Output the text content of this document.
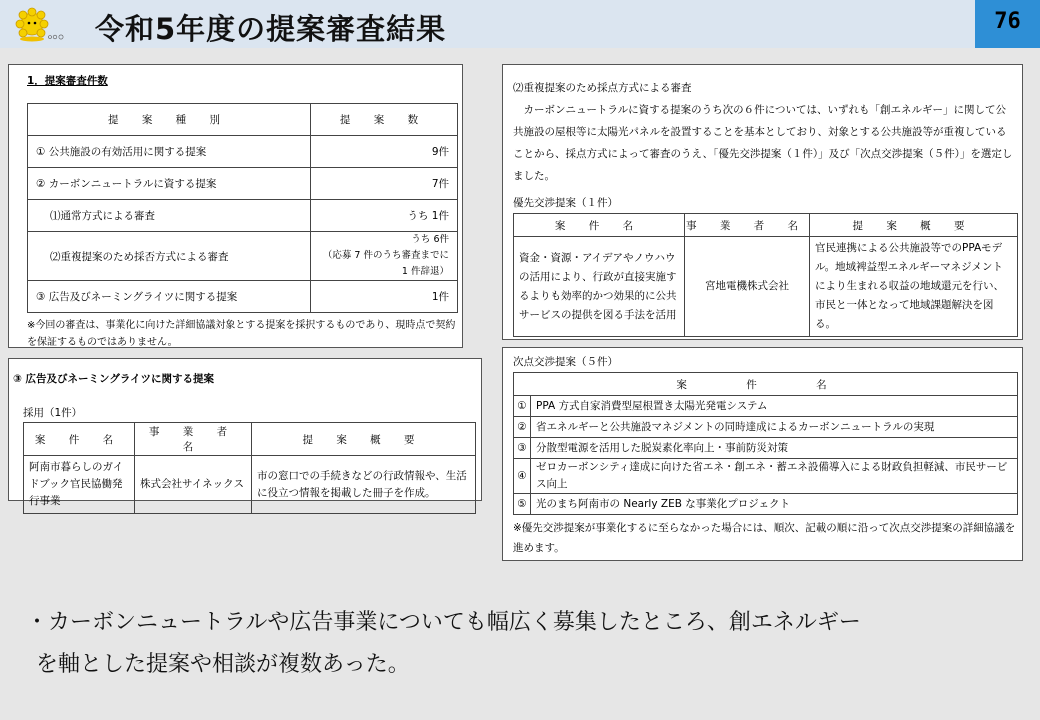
令和5年度の提案審査結果	76
1．提案審査件数
提 案 種 別	提 案 数
① 公共施設の有効活用に関する提案	9件
② カーボンニュートラルに資する提案	7件
⑴通常方式による審査	うち 1件
⑵重複提案のため採否方式による審査	うち 6件
（応募 7 件のうち審査までに 1 件辞退）

③ 広告及びネーミングライツに関する提案	1件
※今回の審査は、事業化に向けた詳細協議対象とする提案を採択するものであり、現時点で契約を保証するものではありません。
③ 広告及びネーミングライツに関する提案
採用（1件）
案 件 名	事 業 者 名	提 案 概 要
阿南市暮らしのガイドブック官民協働発行事業	株式会社サイネックス	市の窓口での手続きなどの行政情報や、生活に役立つ情報を掲載した冊子を作成。
⑵重複提案のため採点方式による審査
カーボンニュートラルに資する提案のうち次の６件については、いずれも「創エネルギー」に関して公共施設の屋根等に太陽光パネルを設置することを基本としており、対象とする公共施設等が重複していることから、採点方式によって審査のうえ、「優先交渉提案（１件）」及び「次点交渉提案（５件）」を選定しました。
優先交渉提案（１件）
案 件 名	事 業 者 名	提 案 概 要
資金・資源・アイデアやノウハウの活用により、行政が直接実施するよりも効率的かつ効果的に公共サービスの提供を図る手法を活用	宮地電機株式会社	官民連携による公共施設等でのPPAモデル。地域裨益型エネルギーマネジメントにより生まれる収益の地域還元を行い、市民と一体となって地域課題解決を図る。
次点交渉提案（５件）
案 件 名	
①	PPA 方式自家消費型屋根置き太陽光発電システム
②	省エネルギーと公共施設マネジメントの同時達成によるカーボンニュートラルの実現
③	分散型電源を活用した脱炭素化率向上・事前防災対策
④	ゼロカーボンシティ達成に向けた省エネ・創エネ・蓄エネ設備導入による財政負担軽減、市民サービス向上
⑤	光のまち阿南市の Nearly ZEB な事業化プロジェクト
※優先交渉提案が事業化するに至らなかった場合には、順次、記載の順に沿って次点交渉提案の詳細協議を進めます。
・カーボンニュートラルや広告事業についても幅広く募集したところ、創エネルギー
を軸とした提案や相談が複数あった。
